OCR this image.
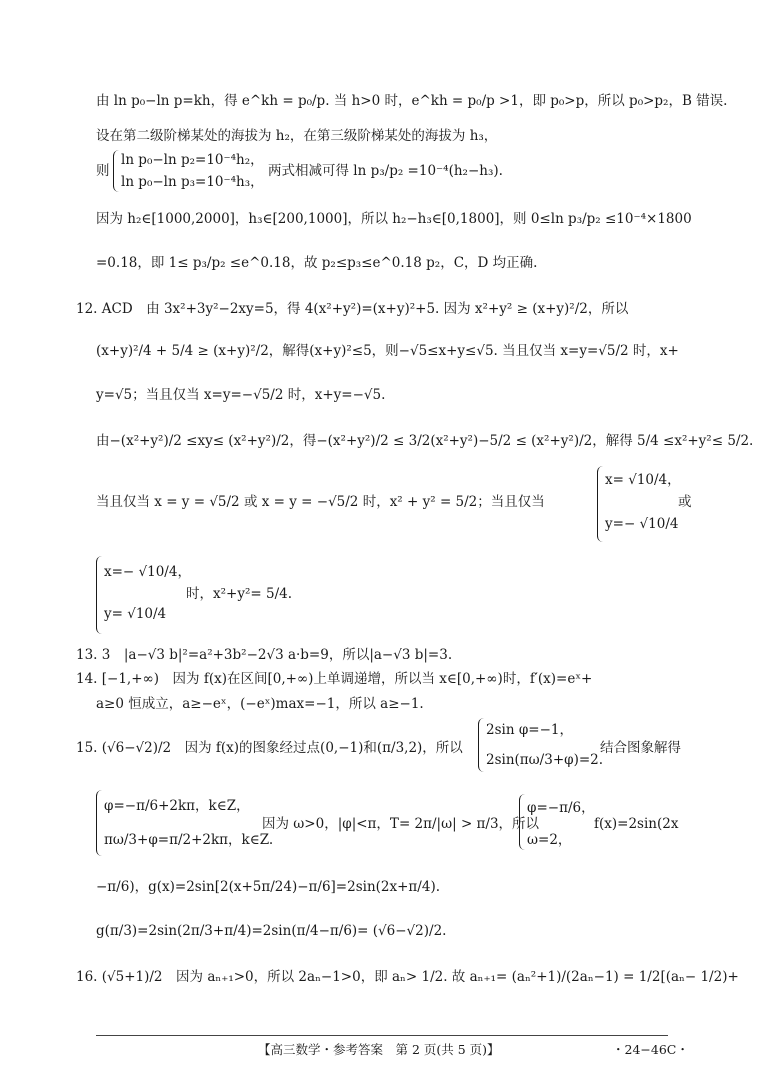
由 ln p₀−ln p=kh，得 e^kh = p₀/p. 当 h>0 时，e^kh = p₀/p >1，即 p₀>p，所以 p₀>p₂，B 错误.
设在第二级阶梯某处的海拔为 h₂，在第三级阶梯某处的海拔为 h₃，
则
ln p₀−ln p₂=10⁻⁴h₂，
ln p₀−ln p₃=10⁻⁴h₃，
两式相减可得 ln p₃/p₂ =10⁻⁴(h₂−h₃).
因为 h₂∈[1000,2000]，h₃∈[200,1000]，所以 h₂−h₃∈[0,1800]，则 0≤ln p₃/p₂ ≤10⁻⁴×1800
=0.18，即 1≤ p₃/p₂ ≤e^0.18，故 p₂≤p₃≤e^0.18 p₂，C，D 均正确.
12. ACD　由 3x²+3y²−2xy=5，得 4(x²+y²)=(x+y)²+5. 因为 x²+y² ≥ (x+y)²/2，所以
(x+y)²/4 + 5/4 ≥ (x+y)²/2，解得(x+y)²≤5，则−√5≤x+y≤√5. 当且仅当 x=y=√5/2 时，x+
y=√5；当且仅当 x=y=−√5/2 时，x+y=−√5.
由−(x²+y²)/2 ≤xy≤ (x²+y²)/2，得−(x²+y²)/2 ≤ 3/2(x²+y²)−5/2 ≤ (x²+y²)/2，解得 5/4 ≤x²+y²≤ 5/2.
当且仅当 x = y = √5/2 或 x = y = −√5/2 时，x² + y² = 5/2；当且仅当
x= √10/4，
y=− √10/4
或
x=− √10/4，
y= √10/4
时，x²+y²= 5/4.
13. 3　|a−√3 b|²=a²+3b²−2√3 a·b=9，所以|a−√3 b|=3.
14. [−1,+∞)　因为 f(x)在区间[0,+∞)上单调递增，所以当 x∈[0,+∞)时，f′(x)=eˣ+
a≥0 恒成立，a≥−eˣ，(−eˣ)max=−1，所以 a≥−1.
15. (√6−√2)/2　因为 f(x)的图象经过点(0,−1)和(π/3,2)，所以
2sin φ=−1，
2sin(πω/3+φ)=2.
结合图象解得
φ=−π/6+2kπ，k∈Z，
πω/3+φ=π/2+2kπ，k∈Z.
因为 ω>0，|φ|<π，T= 2π/|ω| > π/3，所以
φ=−π/6，
ω=2，
f(x)=2sin(2x
−π/6)，g(x)=2sin[2(x+5π/24)−π/6]=2sin(2x+π/4).
g(π/3)=2sin(2π/3+π/4)=2sin(π/4−π/6)= (√6−√2)/2.
16. (√5+1)/2　因为 aₙ₊₁>0，所以 2aₙ−1>0，即 aₙ> 1/2. 故 aₙ₊₁= (aₙ²+1)/(2aₙ−1) = 1/2[(aₙ− 1/2)+
【高三数学・参考答案　第 2 页(共 5 页)】	・24−46C・
